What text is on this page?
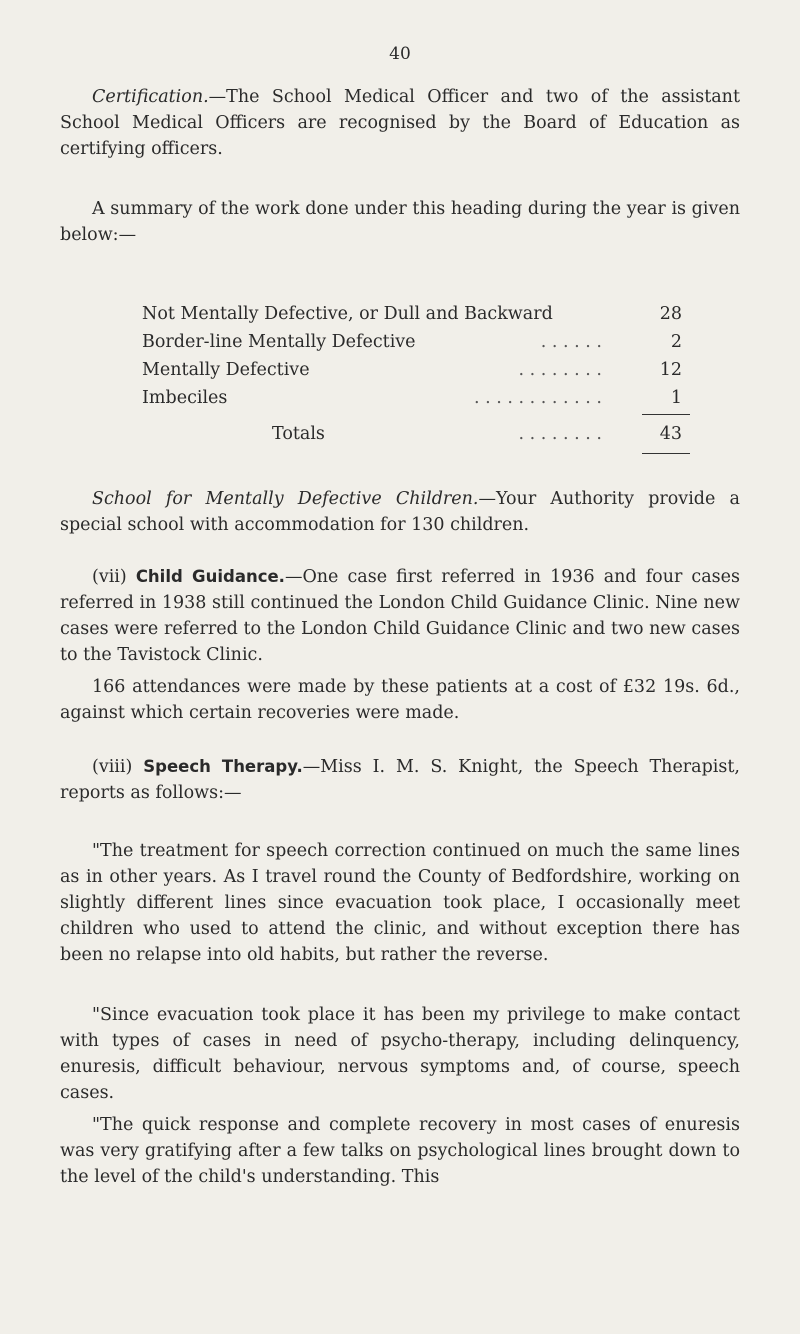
40

Certification.—The School Medical Officer and two of the assistant School Medical Officers are recognised by the Board of Education as certifying officers.

A summary of the work done under this heading during the year is given below:—

Not Mentally Defective, or Dull and Backward	28
Border-line Mentally Defective	. . . . . .	2
Mentally Defective	. . . . . . . .	12
Imbeciles	. . . . . . . . . . . .	1
Totals	. . . . . . . .	43

School for Mentally Defective Children.—Your Authority provide a special school with accommodation for 130 children.

(vii) Child Guidance.—One case first referred in 1936 and four cases referred in 1938 still continued the London Child Guidance Clinic. Nine new cases were referred to the London Child Guidance Clinic and two new cases to the Tavistock Clinic.

166 attendances were made by these patients at a cost of £32 19s. 6d., against which certain recoveries were made.

(viii) Speech Therapy.—Miss I. M. S. Knight, the Speech Therapist, reports as follows:—

"The treatment for speech correction continued on much the same lines as in other years. As I travel round the County of Bedfordshire, working on slightly different lines since evacuation took place, I occasionally meet children who used to attend the clinic, and without exception there has been no relapse into old habits, but rather the reverse.

"Since evacuation took place it has been my privilege to make contact with types of cases in need of psycho-therapy, including delinquency, enuresis, difficult behaviour, nervous symptoms and, of course, speech cases.

"The quick response and complete recovery in most cases of enuresis was very gratifying after a few talks on psychological lines brought down to the level of the child's understanding. This
